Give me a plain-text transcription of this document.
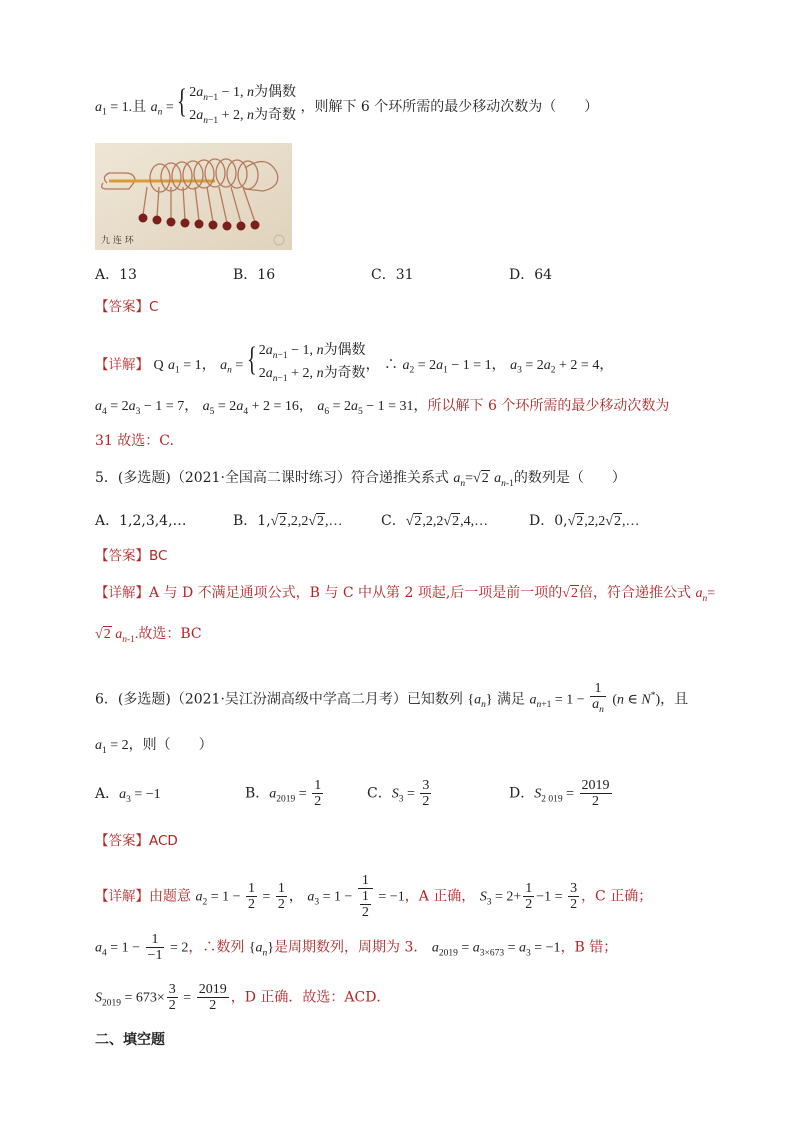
$a_1 = 1$.且 $a_n$ = { $2a_{n-1} - 1$, n为偶数
$2a_{n-1} + 2$, n为奇数
，则解下 6 个环所需的最少移动次数为（　　）
九 连 环
A．13	B．16	C．31	D．64
【答案】C
【详解】 Q $a_1 = 1$， $a_n$ = { $2a_{n-1} - 1$, n为偶数
$2a_{n-1} + 2$, n为奇数
， ∴ $a_2 = 2a_1 - 1 = 1$， $a_3 = 2a_2 + 2 = 4$，
$a_4 = 2a_3 - 1 = 7$， $a_5 = 2a_4 + 2 = 16$， $a_6 = 2a_5 - 1 = 31$，所以解下 6 个环所需的最少移动次数为
31 故选：C.
5．(多选题)（2021·全国高二课时练习）符合递推关系式 $a_n=√2$ $a_{n-1}$的数列是（　　）
A．1,2,3,4,…	B．1,√2,2,2√2,…	C．√2,2,2√2,4,…	D．0,√2,2,2√2,…
【答案】BC
【详解】A 与 D 不满足通项公式，B 与 C 中从第 2 项起,后一项是前一项的√2倍，符合递推公式 $a_n=$
√2 $a_{n-1}$.故选：BC
6．(多选题)（2021·吴江汾湖高级中学高二月考）已知数列 $\{a_n\}$ 满足 $a_{n+1} = 1 - \frac{1}{a_n} (n$ ∈ N*)，且
$a_1 = 2$，则（　　）
A．$a_3 = -1$	B．$a_{2019} = \frac{1}{2}$	C．$S_3 = \frac{3}{2}$	D．$S_{2 019} = \frac{2019}{2}$
【答案】ACD
【详解】由题意 $a_2 = 1 - \frac{1}{2} = \frac{1}{2}$ ， $a_3 = 1 - \frac{1}{\frac{1}{2}} = -1$，A 正确， $S_3 = 2+ \frac{1}{2} -1 = \frac{3}{2}$ ，C 正确；
$a_4 = 1 - \frac{1}{-1} = 2$，∴数列 $\{a_n\}$是周期数列，周期为 3． $a_{2019} = a_{3\times 673} = a_3 = -1$，B 错；
$S_{2019} = 673\times \frac{3}{2} = \frac{2019}{2}$ ，D 正确．故选：ACD．
二、填空题
